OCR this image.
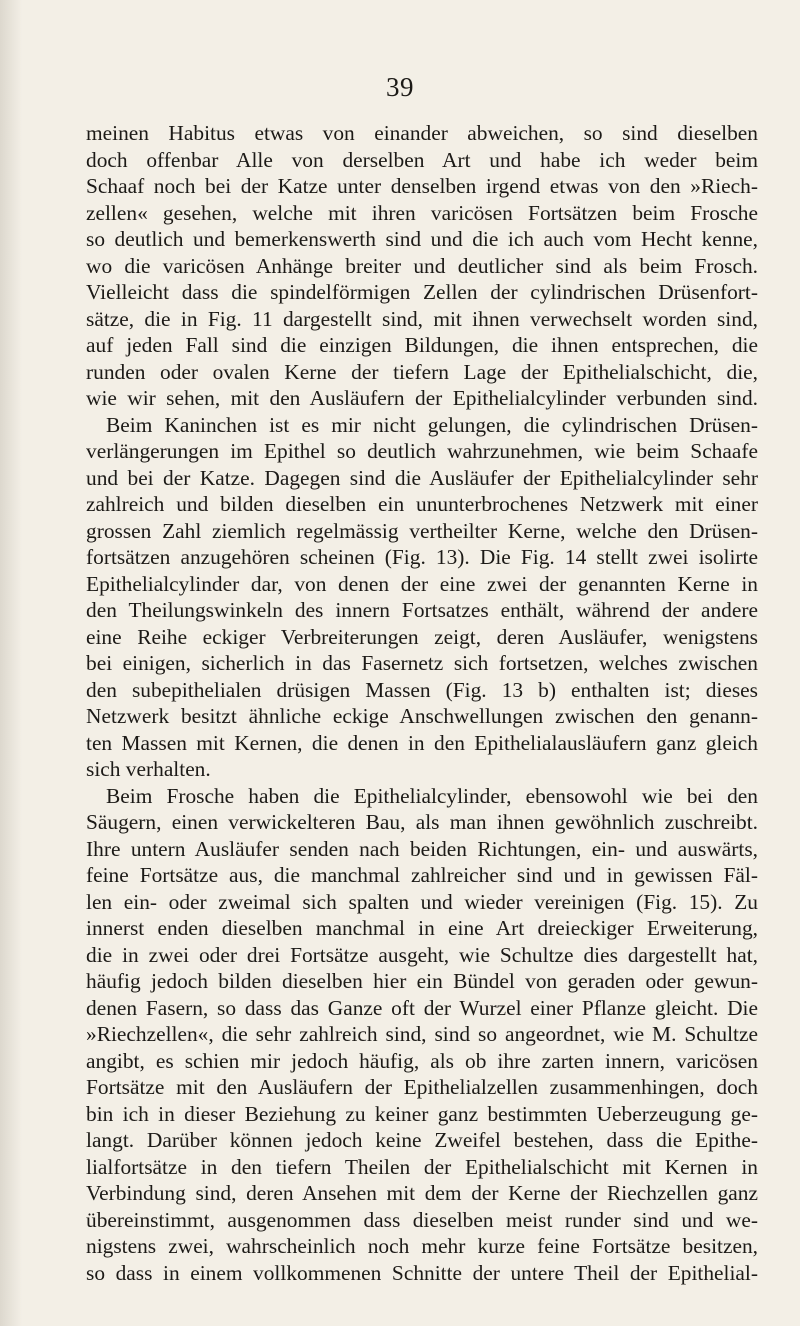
39
meinen Habitus etwas von einander abweichen, so sind dieselben
doch offenbar Alle von derselben Art und habe ich weder beim
Schaaf noch bei der Katze unter denselben irgend etwas von den »Riech-
zellen« gesehen, welche mit ihren varicösen Fortsätzen beim Frosche
so deutlich und bemerkenswerth sind und die ich auch vom Hecht kenne,
wo die varicösen Anhänge breiter und deutlicher sind als beim Frosch.
Vielleicht dass die spindelförmigen Zellen der cylindrischen Drüsenfort-
sätze, die in Fig. 11 dargestellt sind, mit ihnen verwechselt worden sind,
auf jeden Fall sind die einzigen Bildungen, die ihnen entsprechen, die
runden oder ovalen Kerne der tiefern Lage der Epithelialschicht, die,
wie wir sehen, mit den Ausläufern der Epithelialcylinder verbunden sind.
Beim Kaninchen ist es mir nicht gelungen, die cylindrischen Drüsen-
verlängerungen im Epithel so deutlich wahrzunehmen, wie beim Schaafe
und bei der Katze. Dagegen sind die Ausläufer der Epithelialcylinder sehr
zahlreich und bilden dieselben ein ununterbrochenes Netzwerk mit einer
grossen Zahl ziemlich regelmässig vertheilter Kerne, welche den Drüsen-
fortsätzen anzugehören scheinen (Fig. 13). Die Fig. 14 stellt zwei isolirte
Epithelialcylinder dar, von denen der eine zwei der genannten Kerne in
den Theilungswinkeln des innern Fortsatzes enthält, während der andere
eine Reihe eckiger Verbreiterungen zeigt, deren Ausläufer, wenigstens
bei einigen, sicherlich in das Fasernetz sich fortsetzen, welches zwischen
den subepithelialen drüsigen Massen (Fig. 13 b) enthalten ist; dieses
Netzwerk besitzt ähnliche eckige Anschwellungen zwischen den genann-
ten Massen mit Kernen, die denen in den Epithelialausläufern ganz gleich
sich verhalten.
Beim Frosche haben die Epithelialcylinder, ebensowohl wie bei den
Säugern, einen verwickelteren Bau, als man ihnen gewöhnlich zuschreibt.
Ihre untern Ausläufer senden nach beiden Richtungen, ein- und auswärts,
feine Fortsätze aus, die manchmal zahlreicher sind und in gewissen Fäl-
len ein- oder zweimal sich spalten und wieder vereinigen (Fig. 15). Zu
innerst enden dieselben manchmal in eine Art dreieckiger Erweiterung,
die in zwei oder drei Fortsätze ausgeht, wie Schultze dies dargestellt hat,
häufig jedoch bilden dieselben hier ein Bündel von geraden oder gewun-
denen Fasern, so dass das Ganze oft der Wurzel einer Pflanze gleicht. Die
»Riechzellen«, die sehr zahlreich sind, sind so angeordnet, wie M. Schultze
angibt, es schien mir jedoch häufig, als ob ihre zarten innern, varicösen
Fortsätze mit den Ausläufern der Epithelialzellen zusammenhingen, doch
bin ich in dieser Beziehung zu keiner ganz bestimmten Ueberzeugung ge-
langt. Darüber können jedoch keine Zweifel bestehen, dass die Epithe-
lialfortsätze in den tiefern Theilen der Epithelialschicht mit Kernen in
Verbindung sind, deren Ansehen mit dem der Kerne der Riechzellen ganz
übereinstimmt, ausgenommen dass dieselben meist runder sind und we-
nigstens zwei, wahrscheinlich noch mehr kurze feine Fortsätze besitzen,
so dass in einem vollkommenen Schnitte der untere Theil der Epithelial-
